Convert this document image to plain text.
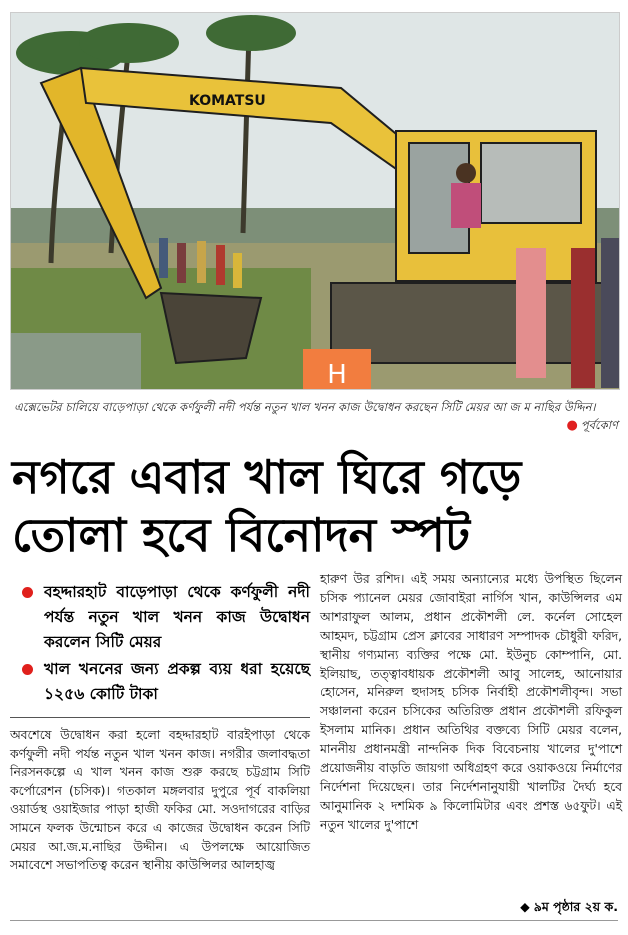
KOMATSU
H
এক্সেভেটর চালিয়ে বাড়েপাড়া থেকে কর্ণফুলী নদী পর্যন্ত নতুন খাল খনন কাজ উদ্বোধন করছেন সিটি মেয়র আ জ ম নাছির উদ্দিন।
● পূর্বকোণ
নগরে এবার খাল ঘিরে গড়ে
তোলা হবে বিনোদন স্পট
বহদ্দারহাট বাড়েপাড়া থেকে কর্ণফুলী নদী পর্যন্ত নতুন খাল খনন কাজ উদ্বোধন করলেন সিটি মেয়র
খাল খননের জন্য প্রকল্প ব্যয় ধরা হয়েছে ১২৫৬ কোটি টাকা

অবশেষে উদ্বোধন করা হলো বহদ্দারহাট বারইপাড়া থেকে কর্ণফুলী নদী পর্যন্ত নতুন খাল খনন কাজ। নগরীর জলাবদ্ধতা নিরসনকল্পে এ খাল খনন কাজ শুরু করছে চট্টগ্রাম সিটি কর্পোরেশন (চসিক)। গতকাল মঙ্গলবার দুপুরে পূর্ব বাকলিয়া ওয়ার্ডস্থ ওয়াইজার পাড়া হাজী ফকির মো. সওদাগরের বাড়ির সামনে ফলক উন্মোচন করে এ কাজের উদ্বোধন করেন সিটি মেয়র আ.জ.ম.নাছির উদ্দীন। এ উপলক্ষে আয়োজিত সমাবেশে সভাপতিত্ব করেন স্থানীয় কাউন্সিলর আলহাজ্ব

হারুণ উর রশিদ। এই সময় অন্যান্যের মধ্যে উপস্থিত ছিলেন চসিক প্যানেল মেয়র জোবাইরা নার্গিস খান, কাউন্সিলর এম আশরাফুল আলম, প্রধান প্রকৌশলী লে. কর্নেল সোহেল আহমদ, চট্টগ্রাম প্রেস ক্লাবের সাধারণ সম্পাদক চৌধুরী ফরিদ, স্থানীয় গণ্যমান্য ব্যক্তির পক্ষে মো. ইউনুচ কোম্পানি, মো. ইলিয়াছ, তত্ত্বাবধায়ক প্রকৌশলী আবু সালেহ, আনোয়ার হোসেন, মনিরুল হুদাসহ চসিক নির্বাহী প্রকৌশলীবৃন্দ। সভা সঞ্চালনা করেন চসিকের অতিরিক্ত প্রধান প্রকৌশলী রফিকুল ইসলাম মানিক। প্রধান অতিথির বক্তব্যে সিটি মেয়র বলেন, মাননীয় প্রধানমন্ত্রী নান্দনিক দিক বিবেচনায় খালের দু'পাশে প্রয়োজনীয় বাড়তি জায়গা অধিগ্রহণ করে ওয়াকওয়ে নির্মাণের নির্দেশনা দিয়েছেন। তার নির্দেশনানুযায়ী খালটির দৈর্ঘ্য হবে আনুমানিক ২ দশমিক ৯ কিলোমিটার এবং প্রশস্ত ৬৫ফুট। এই নতুন খালের দু'পাশে

◆ ৯ম পৃষ্ঠার ২য় ক.
